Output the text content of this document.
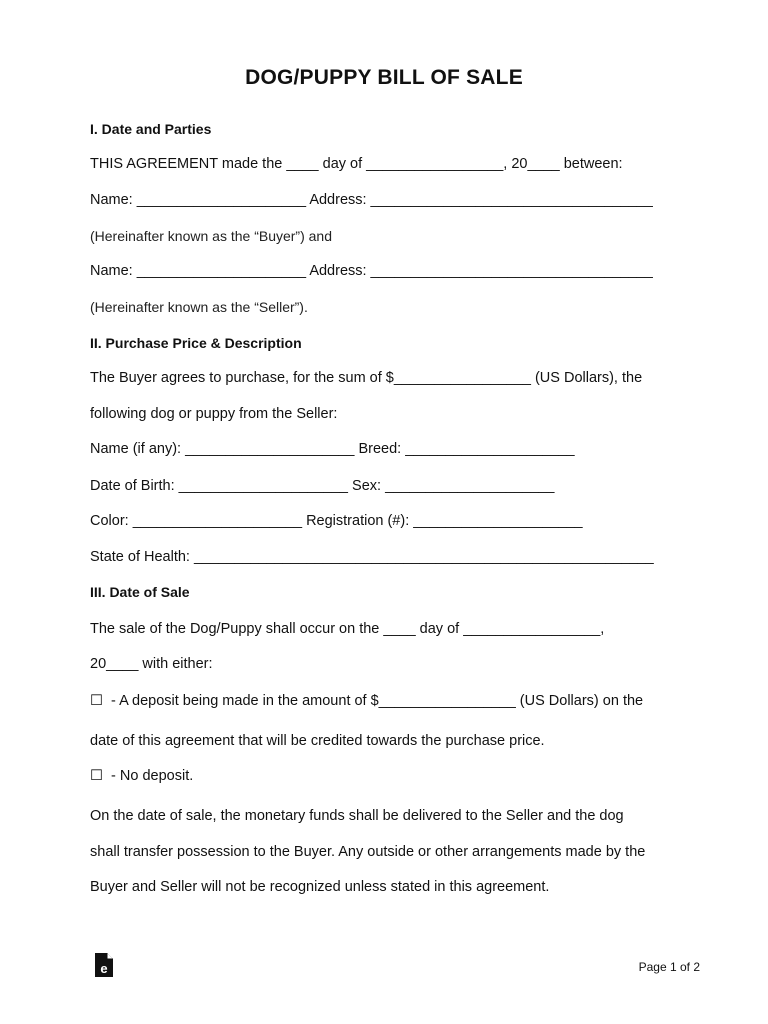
DOG/PUPPY BILL OF SALE
I. Date and Parties
THIS AGREEMENT made the ____ day of _________________, 20____ between:
Name: _____________________ Address: ___________________________________
(Hereinafter known as the “Buyer”) and
Name: _____________________ Address: ___________________________________
(Hereinafter known as the “Seller”).
II. Purchase Price & Description
The Buyer agrees to purchase, for the sum of $_________________ (US Dollars), the
following dog or puppy from the Seller:
Name (if any): _____________________ Breed: _____________________
Date of Birth: _____________________ Sex: _____________________
Color: _____________________ Registration (#): _____________________
State of Health: _________________________________________________________
III. Date of Sale
The sale of the Dog/Puppy shall occur on the ____ day of _________________,
20____ with either:
☐  - A deposit being made in the amount of $_________________ (US Dollars) on the
date of this agreement that will be credited towards the purchase price.
☐  - No deposit.
On the date of sale, the monetary funds shall be delivered to the Seller and the dog
shall transfer possession to the Buyer. Any outside or other arrangements made by the
Buyer and Seller will not be recognized unless stated in this agreement.
e	Page 1 of 2
